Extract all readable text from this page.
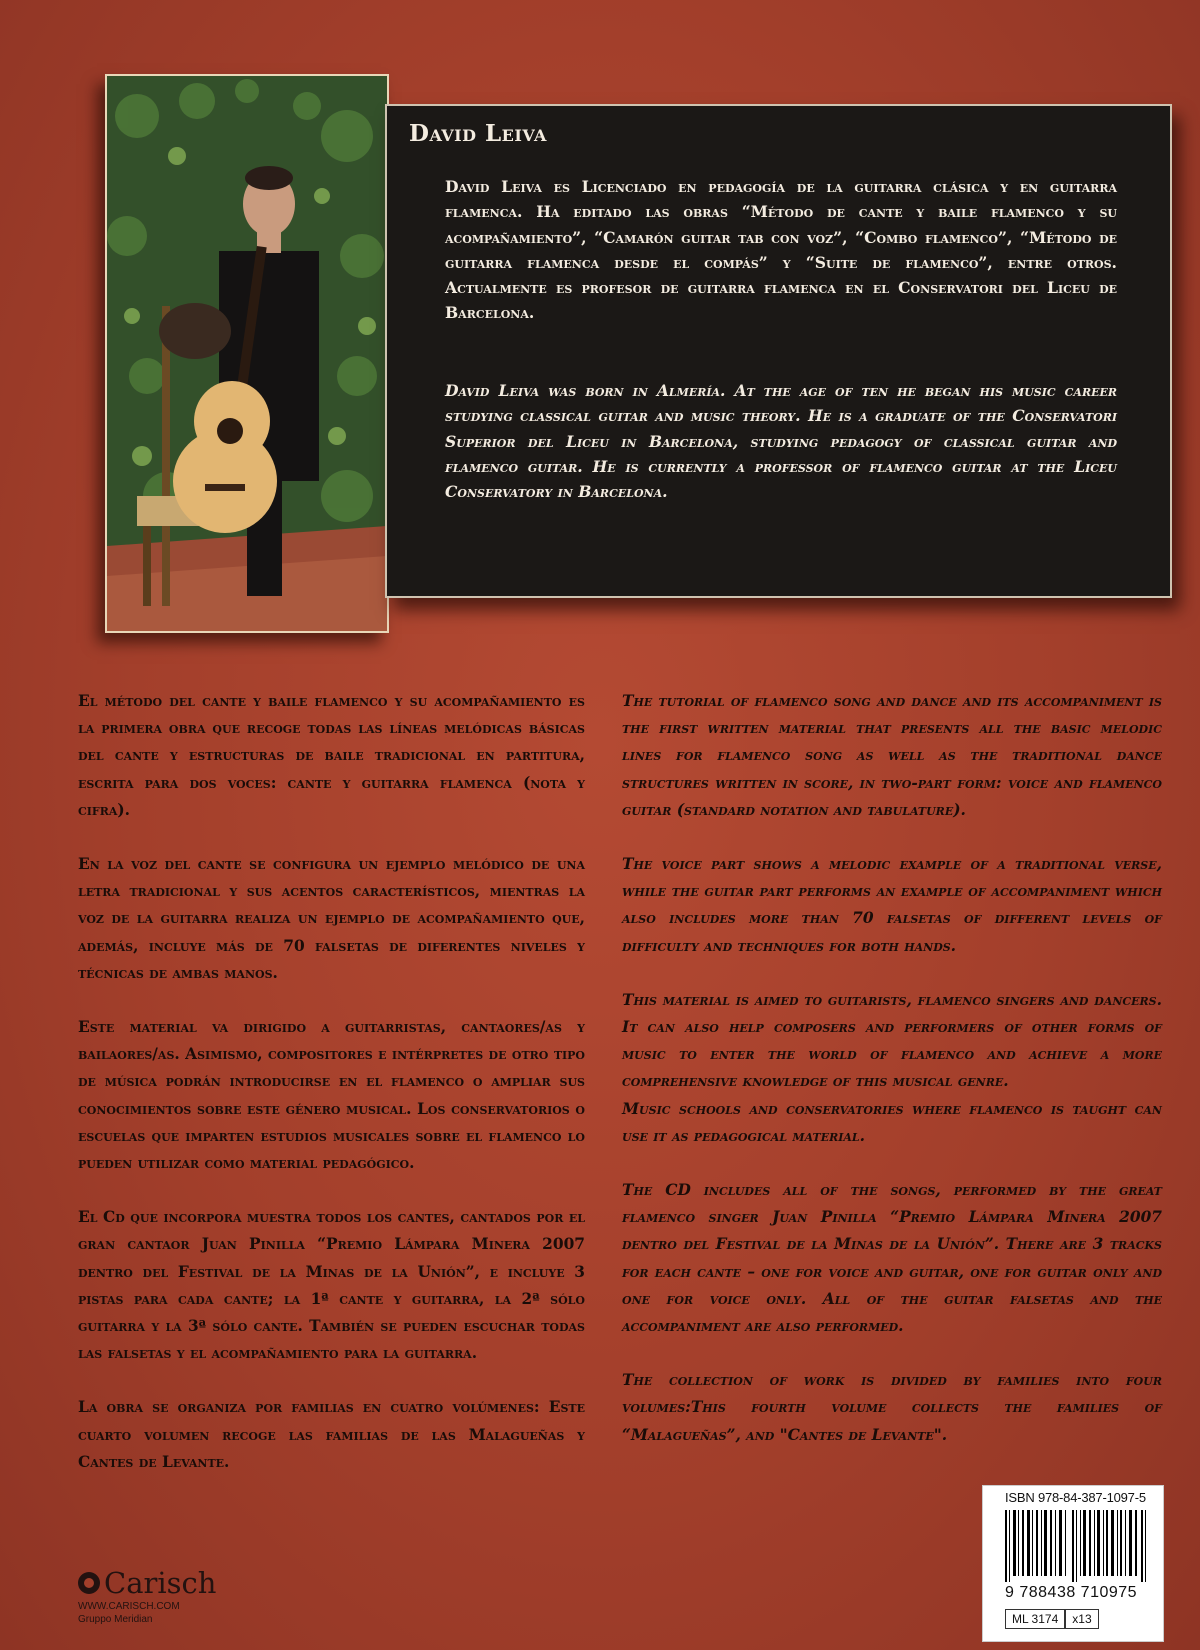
David Leiva
David Leiva es Licenciado en pedagogía de la guitarra clásica y en guitarra flamenca. Ha editado las obras “Método de cante y baile flamenco y su acompañamiento”, “Camarón guitar tab con voz”, “Combo flamenco”, “Método de guitarra flamenca desde el compás” y “Suite de flamenco”, entre otros. Actualmente es profesor de guitarra flamenca en el Conservatori del Liceu de Barcelona.
David Leiva was born in Almería. At the age of ten he began his music career studying classical guitar and music theory. He is a graduate of the Conservatori Superior del Liceu in Barcelona, studying pedagogy of classical guitar and flamenco guitar. He is currently a professor of flamenco guitar at the Liceu Conservatory in Barcelona.

El método del cante y baile flamenco y su acompañamiento es la primera obra que recoge todas las líneas melódicas básicas del cante y estructuras de baile tradicional en partitura, escrita para dos voces: cante y guitarra flamenca (nota y cifra).

En la voz del cante se configura un ejemplo melódico de una letra tradicional y sus acentos característicos, mientras la voz de la guitarra realiza un ejemplo de acompañamiento que, además, incluye más de 70 falsetas de diferentes niveles y técnicas de ambas manos.

Este material va dirigido a guitarristas, cantaores/as y bailaores/as. Asimismo, compositores e intérpretes de otro tipo de música podrán introducirse en el flamenco o ampliar sus conocimientos sobre este género musical. Los conservatorios o escuelas que imparten estudios musicales sobre el flamenco lo pueden utilizar como material pedagógico.

El Cd que incorpora muestra todos los cantes, cantados por el gran cantaor Juan Pinilla “Premio Lámpara Minera 2007 dentro del Festival de la Minas de la Unión”, e incluye 3 pistas para cada cante; la 1ª cante y guitarra, la 2ª sólo guitarra y la 3ª sólo cante. También se pueden escuchar todas las falsetas y el acompañamiento para la guitarra.

La obra se organiza por familias en cuatro volúmenes: Este cuarto volumen recoge las familias de las Malagueñas y Cantes de Levante.

The tutorial of flamenco song and dance and its accompaniment is the first written material that presents all the basic melodic lines for flamenco song as well as the traditional dance structures written in score, in two-part form: voice and flamenco guitar (standard notation and tabulature).

The voice part shows a melodic example of a traditional verse, while the guitar part performs an example of accompaniment which also includes more than 70 falsetas of different levels of difficulty and techniques for both hands.

This material is aimed to guitarists, flamenco singers and dancers. It can also help composers and performers of other forms of music to enter the world of flamenco and achieve a more comprehensive knowledge of this musical genre.

Music schools and conservatories where flamenco is taught can use it as pedagogical material.

The CD includes all of the songs, performed by the great flamenco singer Juan Pinilla “Premio Lámpara Minera 2007 dentro del Festival de la Minas de la Unión”. There are 3 tracks for each cante – one for voice and guitar, one for guitar only and one for voice only. All of the guitar falsetas and the accompaniment are also performed.

The collection of work is divided by families into four volumes:This fourth volume collects the families of “Malagueñas”, and "Cantes de Levante".

Carisch
WWW.CARISCH.COM
Gruppo Meridian
ISBN 978-84-387-1097-5
9 788438 710975
ML 3174	x13
